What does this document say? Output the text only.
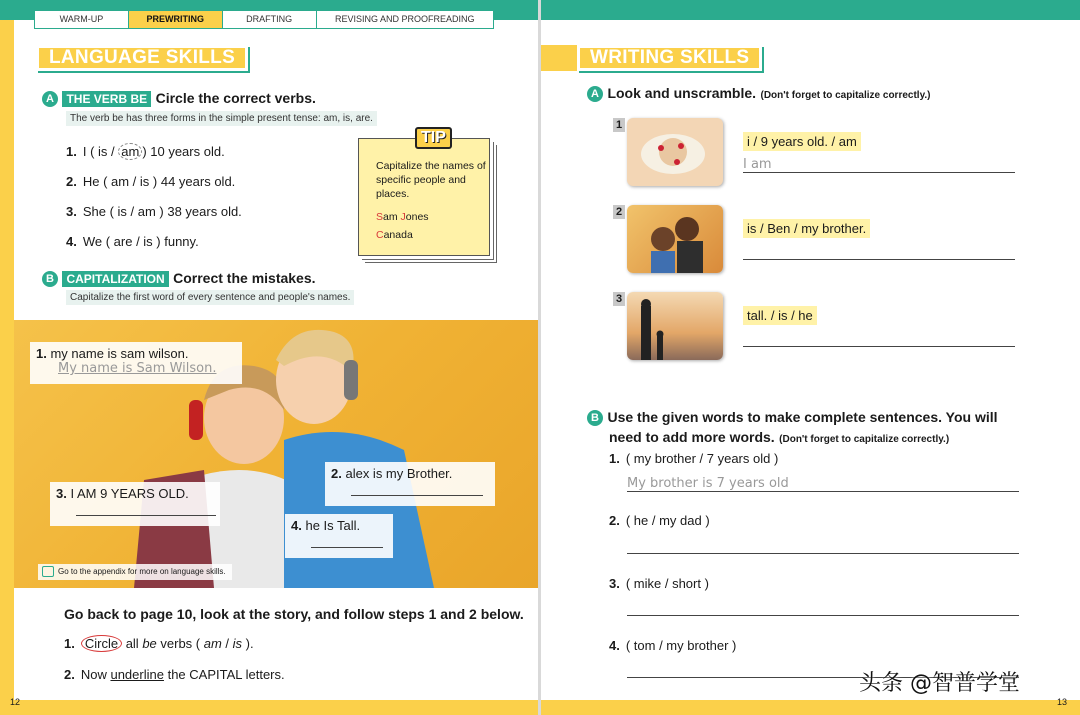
WARM-UP	PREWRITING	DRAFTING	REVISING AND PROOFREADING
LANGUAGE SKILLS
A THE VERB BE Circle the correct verbs.
The verb be has three forms in the simple present tense: am, is, are.
1. I ( is / am ) 10 years old.
2. He ( am / is ) 44 years old.
3. She ( is / am ) 38 years old.
4. We ( are / is ) funny.
TIP
Capitalize the names of specific people and places.
Sam Jones
Canada
B CAPITALIZATION Correct the mistakes.
Capitalize the first word of every sentence and people's names.
1. my name is sam wilson.
My name is Sam Wilson.
2. alex is my Brother.
3. I AM 9 YEARS OLD.
4. he Is Tall.
Go to the appendix for more on language skills.
Go back to page 10, look at the story, and follow steps 1 and 2 below.
1. Circle all be verbs ( am / is ).
2. Now underline the CAPITAL letters.
12
WRITING SKILLS
A Look and unscramble. (Don't forget to capitalize correctly.)
1
i / 9 years old. / am
I am
2
is / Ben / my brother.
3
tall. / is / he
B Use the given words to make complete sentences. You will
need to add more words. (Don't forget to capitalize correctly.)
1. ( my brother / 7 years old )
My brother is 7 years old
2. ( he / my dad )
3. ( mike / short )
4. ( tom / my brother )
头条 @智普学堂
13
